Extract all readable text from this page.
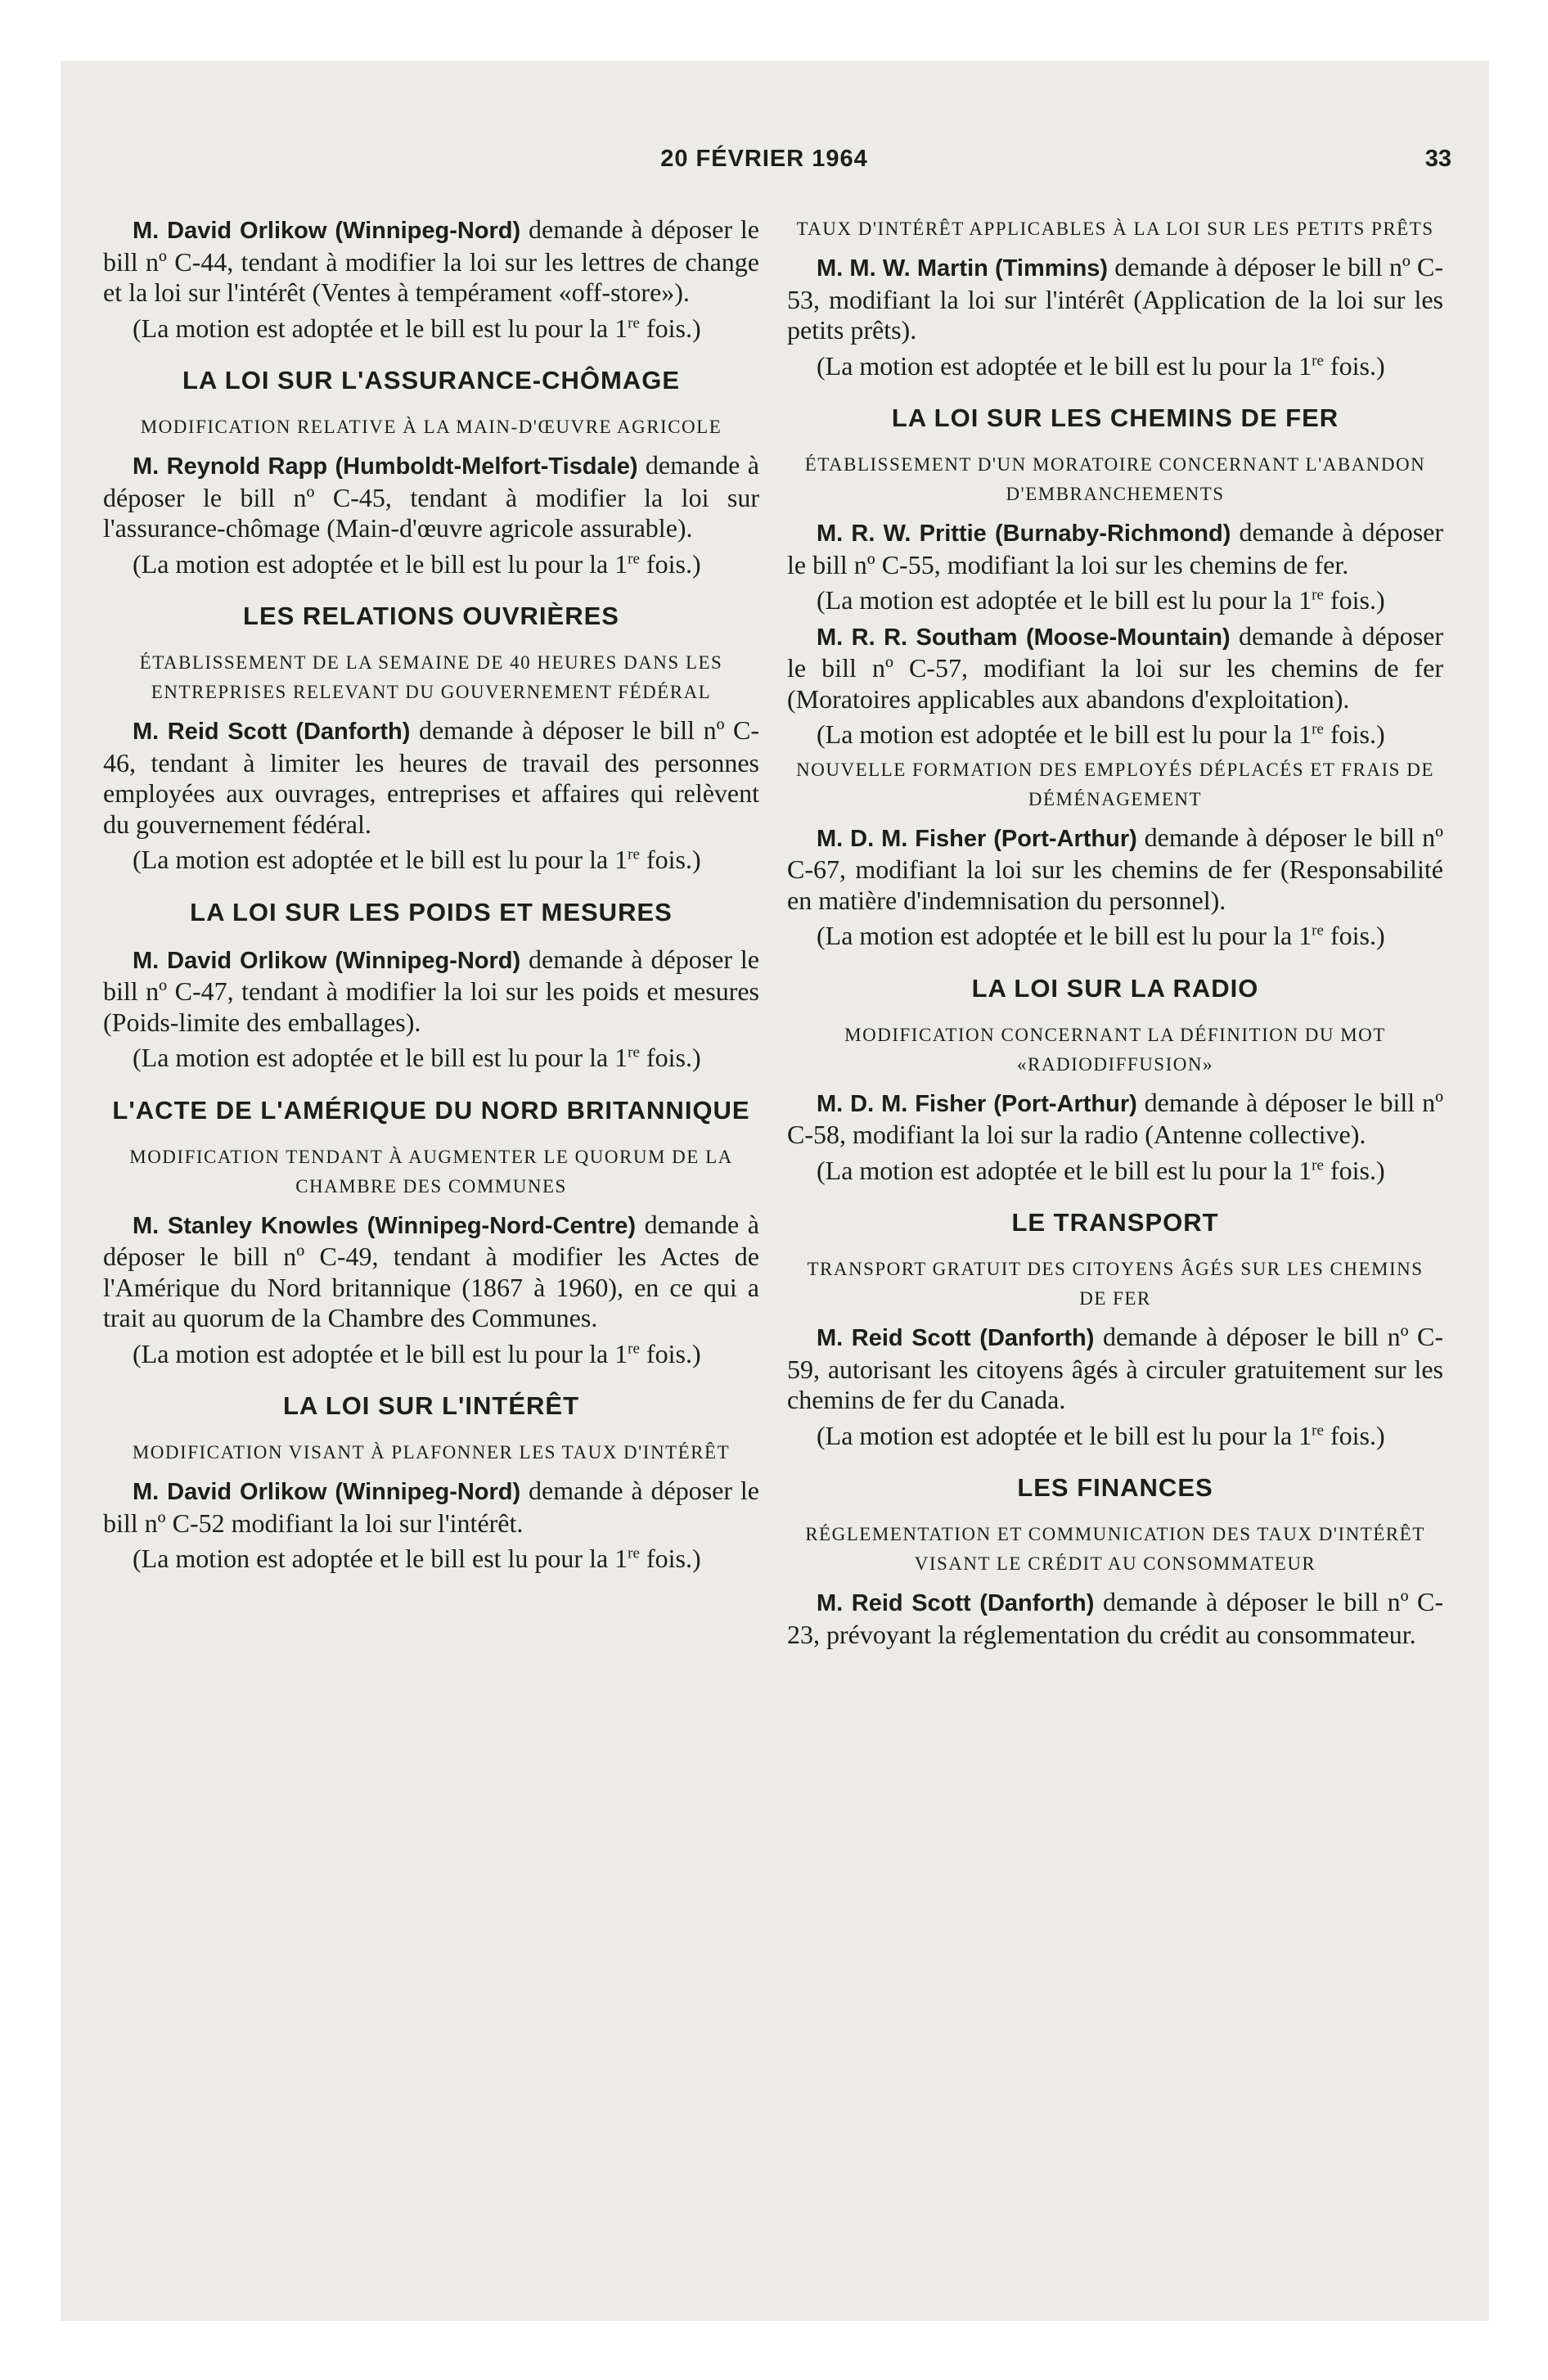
20 FÉVRIER 1964	33
M. David Orlikow (Winnipeg-Nord) demande à déposer le bill nº C-44, tendant à modifier la loi sur les lettres de change et la loi sur l'intérêt (Ventes à tempérament «off-store»).
(La motion est adoptée et le bill est lu pour la 1re fois.)
LA LOI SUR L'ASSURANCE-CHÔMAGE
MODIFICATION RELATIVE À LA MAIN-D'ŒUVRE AGRICOLE
M. Reynold Rapp (Humboldt-Melfort-Tisdale) demande à déposer le bill nº C-45, tendant à modifier la loi sur l'assurance-chômage (Main-d'œuvre agricole assurable).
(La motion est adoptée et le bill est lu pour la 1re fois.)
LES RELATIONS OUVRIÈRES
ÉTABLISSEMENT DE LA SEMAINE DE 40 HEURES DANS LES ENTREPRISES RELEVANT DU GOUVERNEMENT FÉDÉRAL
M. Reid Scott (Danforth) demande à déposer le bill nº C-46, tendant à limiter les heures de travail des personnes employées aux ouvrages, entreprises et affaires qui relèvent du gouvernement fédéral.
(La motion est adoptée et le bill est lu pour la 1re fois.)
LA LOI SUR LES POIDS ET MESURES
M. David Orlikow (Winnipeg-Nord) demande à déposer le bill nº C-47, tendant à modifier la loi sur les poids et mesures (Poids-limite des emballages).
(La motion est adoptée et le bill est lu pour la 1re fois.)
L'ACTE DE L'AMÉRIQUE DU NORD BRITANNIQUE
MODIFICATION TENDANT À AUGMENTER LE QUORUM DE LA CHAMBRE DES COMMUNES
M. Stanley Knowles (Winnipeg-Nord-Centre) demande à déposer le bill nº C-49, tendant à modifier les Actes de l'Amérique du Nord britannique (1867 à 1960), en ce qui a trait au quorum de la Chambre des Communes.
(La motion est adoptée et le bill est lu pour la 1re fois.)
LA LOI SUR L'INTÉRÊT
MODIFICATION VISANT À PLAFONNER LES TAUX D'INTÉRÊT
M. David Orlikow (Winnipeg-Nord) demande à déposer le bill nº C-52 modifiant la loi sur l'intérêt.
(La motion est adoptée et le bill est lu pour la 1re fois.)
TAUX D'INTÉRÊT APPLICABLES À LA LOI SUR LES PETITS PRÊTS
M. M. W. Martin (Timmins) demande à déposer le bill nº C-53, modifiant la loi sur l'intérêt (Application de la loi sur les petits prêts).
(La motion est adoptée et le bill est lu pour la 1re fois.)
LA LOI SUR LES CHEMINS DE FER
ÉTABLISSEMENT D'UN MORATOIRE CONCERNANT L'ABANDON D'EMBRANCHEMENTS
M. R. W. Prittie (Burnaby-Richmond) demande à déposer le bill nº C-55, modifiant la loi sur les chemins de fer.
(La motion est adoptée et le bill est lu pour la 1re fois.)
M. R. R. Southam (Moose-Mountain) demande à déposer le bill nº C-57, modifiant la loi sur les chemins de fer (Moratoires applicables aux abandons d'exploitation).
(La motion est adoptée et le bill est lu pour la 1re fois.)
NOUVELLE FORMATION DES EMPLOYÉS DÉPLACÉS ET FRAIS DE DÉMÉNAGEMENT
M. D. M. Fisher (Port-Arthur) demande à déposer le bill nº C-67, modifiant la loi sur les chemins de fer (Responsabilité en matière d'indemnisation du personnel).
(La motion est adoptée et le bill est lu pour la 1re fois.)
LA LOI SUR LA RADIO
MODIFICATION CONCERNANT LA DÉFINITION DU MOT «RADIODIFFUSION»
M. D. M. Fisher (Port-Arthur) demande à déposer le bill nº C-58, modifiant la loi sur la radio (Antenne collective).
(La motion est adoptée et le bill est lu pour la 1re fois.)
LE TRANSPORT
TRANSPORT GRATUIT DES CITOYENS ÂGÉS SUR LES CHEMINS DE FER
M. Reid Scott (Danforth) demande à déposer le bill nº C-59, autorisant les citoyens âgés à circuler gratuitement sur les chemins de fer du Canada.
(La motion est adoptée et le bill est lu pour la 1re fois.)
LES FINANCES
RÉGLEMENTATION ET COMMUNICATION DES TAUX D'INTÉRÊT VISANT LE CRÉDIT AU CONSOMMATEUR
M. Reid Scott (Danforth) demande à déposer le bill nº C-23, prévoyant la réglementation du crédit au consommateur.
